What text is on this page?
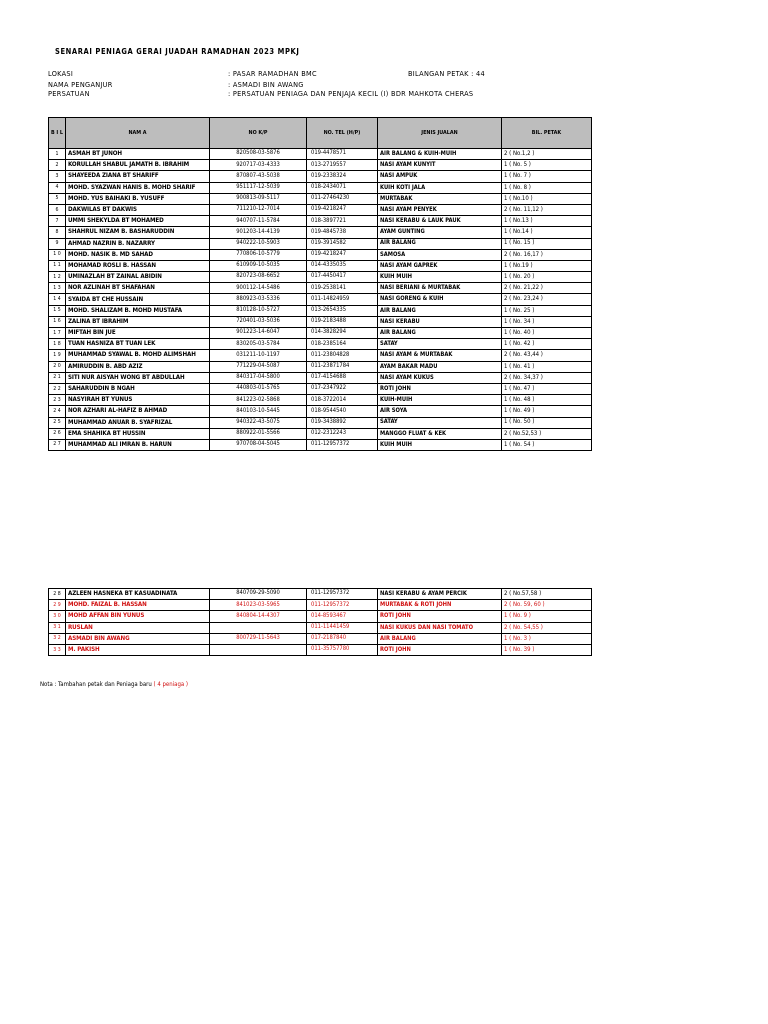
SENARAI PENIAGA GERAI JUADAH RAMADHAN 2023 MPKJ
LOKASI	: PASAR RAMADHAN BMC	BILANGAN PETAK : 44
NAMA PENGANJUR	: ASMADI BIN AWANG
PERSATUAN	: PERSATUAN PENIAGA DAN PENJAJA KECIL (I) BDR MAHKOTA CHERAS
B I L	NAM A	NO K/P	NO. TEL (H/P)	JENIS JUALAN	BIL. PETAK
1	ASMAH BT JUNOH	820508-03-5876	019-4478571	AIR BALANG & KUIH-MUIH	2 ( No.1,2 )
2	KORULLAH SHABUL JAMATH B. IBRAHIM	920717-03-4333	013-2719557	NASI AYAM KUNYIT	1 ( No. 5 )
3	SHAYEEDA ZIANA BT SHARIFF	870807-43-5038	019-2338324	NASI AMPUK	1 ( No. 7 )
4	MOHD. SYAZWAN HANIS B. MOHD SHARIF	951117-12-5039	018-2434071	KUIH KOTI JALA	1 ( No. 8 )
5	MOHD. YUS BAIHAKI B. YUSUFF	900813-09-5117	011-27464230	MURTABAK	1 ( No.10 )
6	DAKWILAS BT DAKWIS	711210-12-7014	019-4218247	NASI AYAM PENYEK	2 ( No. 11,12 )
7	UMMI SHEKYLDA BT MOHAMED	940707-11-5784	018-3897721	NASI KERABU & LAUK PAUK	1 ( No.13 )
8	SHAHRUL NIZAM B. BASHARUDDIN	901203-14-4139	019-4845738	AYAM GUNTING	1 ( No.14 )
9	AHMAD NAZRIN B. NAZARRY	940222-10-5903	019-3914582	AIR BALANG	1 ( No. 15 )
1 0	MOHD. NASIK B. MD SAHAD	770806-10-5779	019-4218247	SAMOSA	2 ( No. 16,17 )
1 1	MOHAMAD ROSLI B. HASSAN	610909-10-5035	014-4335035	NASI AYAM GAPREK	1 ( No.19 )
1 2	UMINAZLAH BT ZAINAL ABIDIN	820723-08-6652	017-4450417	KUIH MUIH	1 ( No. 20 )
1 3	NOR AZLINAH BT SHAFAHAN	900112-14-5486	019-2538141	NASI BERIANI & MURTABAK	2 ( No. 21,22 )
1 4	SYAIDA BT CHE HUSSAIN	880923-03-5336	011-14824959	NASI GORENG & KUIH	2 ( No. 23,24 )
1 5	MOHD. SHALIZAM B. MOHD MUSTAFA	810128-10-5727	013-2654335	AIR BALANG	1 ( No. 25 )
1 6	ZALINA BT IBRAHIM	720401-03-5036	019-2183488	NASI KERABU	1 ( No. 34 )
1 7	MIFTAH BIN JUE	901223-14-6047	014-3828294	AIR BALANG	1 ( No. 40 )
1 8	TUAN HASNIZA BT TUAN LEK	830205-03-5784	018-2385164	SATAY	1 ( No. 42 )
1 9	MUHAMMAD SYAWAL B. MOHD ALIMSHAH	031211-10-1197	011-23804828	NASI AYAM & MURTABAK	2 ( No. 43,44 )
2 0	AMIRUDDIN B. ABD AZIZ	771229-04-5087	011-23871784	AYAM BAKAR MADU	1 ( No. 41 )
2 1	SITI NUR AISYAH WONG BT ABDULLAH	840317-04-5800	017-4154688	NASI AYAM KUKUS	2 ( No. 34,37 )
2 2	SAHARUDDIN B NGAH	440803-01-5765	017-2347922	ROTI JOHN	1 ( No. 47 )
2 3	NASYIRAH BT YUNUS	841223-02-5868	018-3722014	KUIH-MUIH	1 ( No. 48 )
2 4	NOR AZHARI AL-HAFIZ B AHMAD	840103-10-5445	018-9544540	AIR SOYA	1 ( No. 49 )
2 5	MUHAMMAD ANUAR B. SYAFRIZAL	940322-43-5075	019-3438892	SATAY	1 ( No. 50 )
2 6	EMA SHAHIKA BT HUSSIN	880922-01-5566	012-2312243	MANGGO FLUAT & KEK	2 ( No.52,53 )
2 7	MUHAMMAD ALI IMRAN B. HARUN	970708-04-5045	011-12957372	KUIH MUIH	1 ( No. 54 )
2 8	AZLEEN HASNEKA BT KASUADINATA	840709-29-5090	011-12957372	NASI KERABU & AYAM PERCIK	2 ( No.57,58 )
2 9	MOHD. FAIZAL B. HASSAN	841023-03-5965	011-12957372	MURTABAK & ROTI JOHN	2 ( No. 59, 60 )
3 0	MOHD AFFAN BIN YUNUS	840804-14-4307	014-8593467	ROTI JOHN	1 ( No. 9 )
3 1	RUSLAN		011-11441459	NASI KUKUS DAN NASI TOMATO	2 ( No. 54,55 )
3 2	ASMADI BIN AWANG	800729-11-5643	017-2187840	AIR BALANG	1 ( No. 3 )
3 3	M. PAKISH		011-35757780	ROTI JOHN	1 ( No. 39 )
Nota : Tambahan petak dan Peniaga baru ( 4 peniaga )
